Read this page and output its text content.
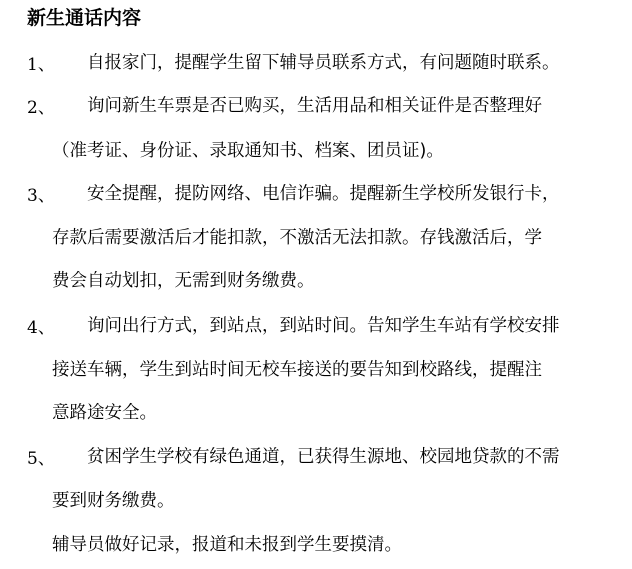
新生通话内容
1、 自报家门，提醒学生留下辅导员联系方式，有问题随时联系。
2、 询问新生车票是否已购买，生活用品和相关证件是否整理好
（准考证、身份证、录取通知书、档案、团员证)。
3、 安全提醒，提防网络、电信诈骗。提醒新生学校所发银行卡，
存款后需要激活后才能扣款，不激活无法扣款。存钱激活后，学
费会自动划扣，无需到财务缴费。
4、 询问出行方式，到站点，到站时间。告知学生车站有学校安排
接送车辆，学生到站时间无校车接送的要告知到校路线，提醒注
意路途安全。
5、 贫困学生学校有绿色通道，已获得生源地、校园地贷款的不需
要到财务缴费。
辅导员做好记录，报道和未报到学生要摸清。
